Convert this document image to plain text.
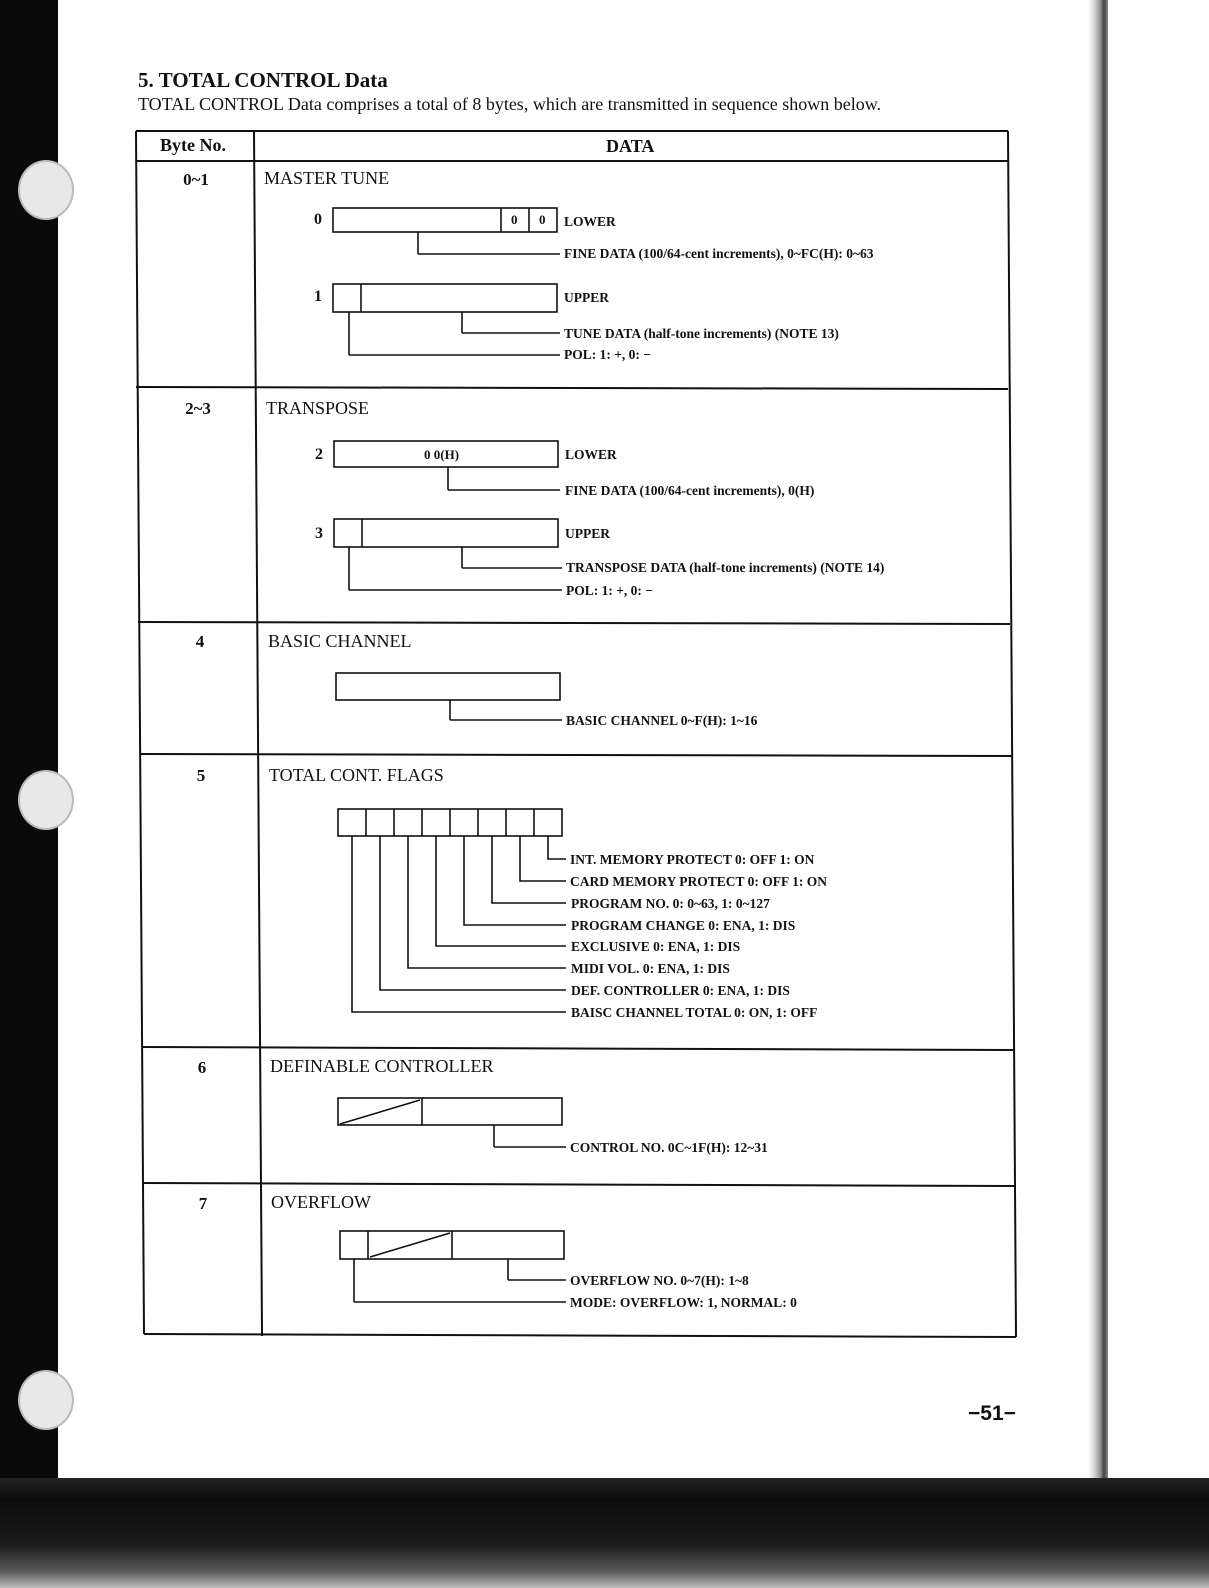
5. TOTAL CONTROL Data
TOTAL CONTROL Data comprises a total of 8 bytes, which are transmitted in sequence shown below.
Byte No.	DATA
0~1	MASTER TUNE
0	0 0 LOWER
FINE DATA (100/64-cent increments), 0~FC(H): 0~63
1	UPPER
TUNE DATA (half-tone increments) (NOTE 13)
POL: 1: +, 0: −
2~3	TRANSPOSE
2	0 0(H)	LOWER
FINE DATA (100/64-cent increments), 0(H)
3	UPPER
TRANSPOSE DATA (half-tone increments) (NOTE 14)
POL: 1: +, 0: −
4	BASIC CHANNEL
BASIC CHANNEL 0~F(H): 1~16
5	TOTAL CONT. FLAGS
INT. MEMORY PROTECT 0: OFF 1: ON
CARD MEMORY PROTECT 0: OFF 1: ON
PROGRAM NO. 0: 0~63, 1: 0~127
PROGRAM CHANGE 0: ENA, 1: DIS
EXCLUSIVE 0: ENA, 1: DIS
MIDI VOL. 0: ENA, 1: DIS
DEF. CONTROLLER 0: ENA, 1: DIS
BAISC CHANNEL TOTAL 0: ON, 1: OFF
6	DEFINABLE CONTROLLER
CONTROL NO. 0C~1F(H): 12~31
7	OVERFLOW
OVERFLOW NO. 0~7(H): 1~8
MODE: OVERFLOW: 1, NORMAL: 0
−51−
